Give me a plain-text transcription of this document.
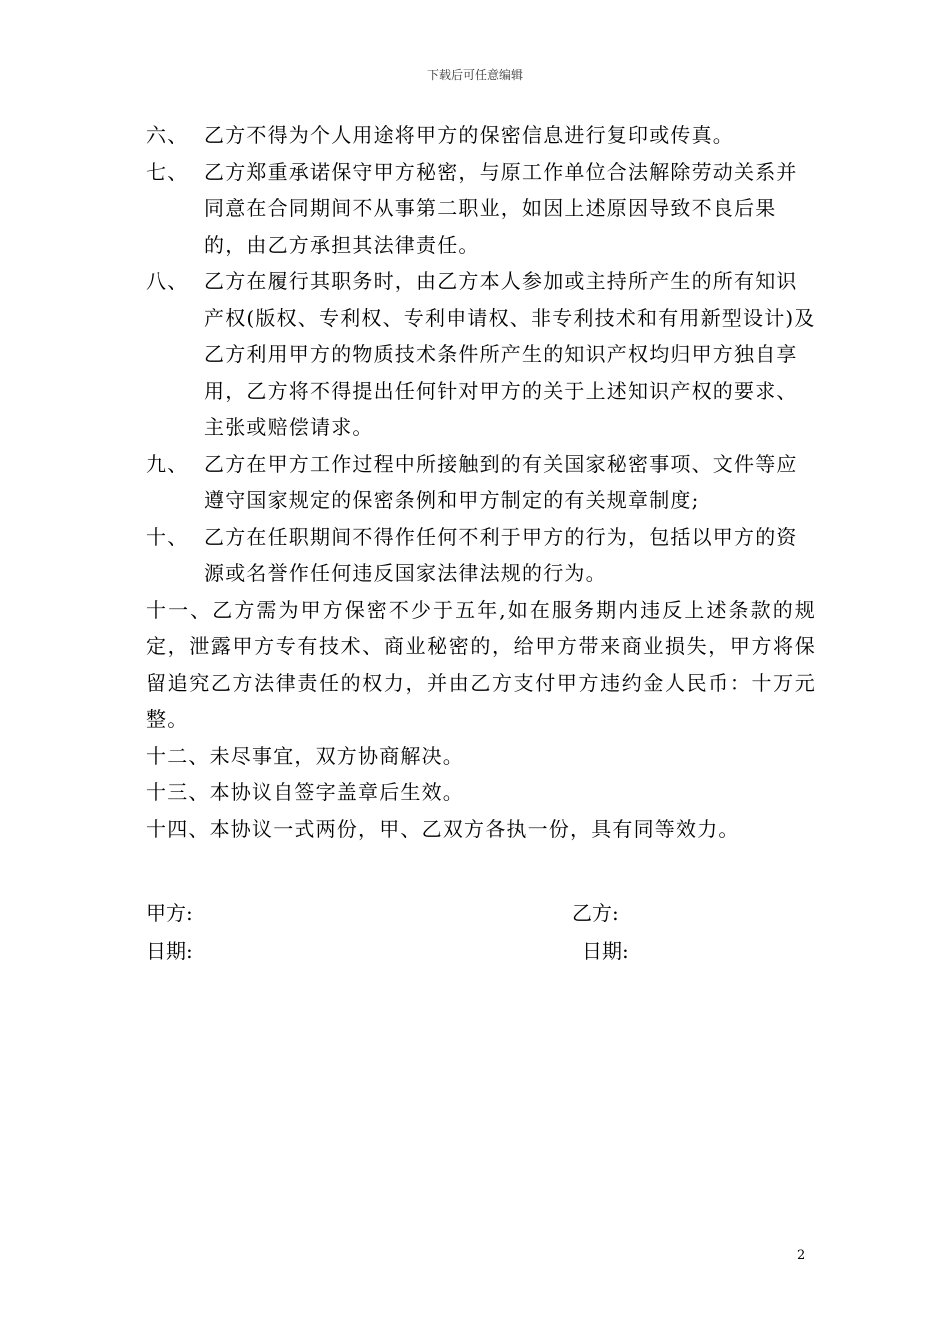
下载后可任意编辑
六、 乙方不得为个人用途将甲方的保密信息进行复印或传真。
七、 乙方郑重承诺保守甲方秘密，与原工作单位合法解除劳动关系并同意在合同期间不从事第二职业，如因上述原因导致不良后果的，由乙方承担其法律责任。
八、 乙方在履行其职务时，由乙方本人参加或主持所产生的所有知识产权(版权、专利权、专利申请权、非专利技术和有用新型设计)及乙方利用甲方的物质技术条件所产生的知识产权均归甲方独自享用，乙方将不得提出任何针对甲方的关于上述知识产权的要求、主张或赔偿请求。
九、 乙方在甲方工作过程中所接触到的有关国家秘密事项、文件等应遵守国家规定的保密条例和甲方制定的有关规章制度;
十、 乙方在任职期间不得作任何不利于甲方的行为，包括以甲方的资源或名誉作任何违反国家法律法规的行为。
十一、乙方需为甲方保密不少于五年,如在服务期内违反上述条款的规定，泄露甲方专有技术、商业秘密的，给甲方带来商业损失，甲方将保留追究乙方法律责任的权力，并由乙方支付甲方违约金人民币：十万元整。
十二、未尽事宜，双方协商解决。
十三、本协议自签字盖章后生效。
十四、本协议一式两份，甲、乙双方各执一份，具有同等效力。
甲方:	乙方:
日期:	日期:
2
